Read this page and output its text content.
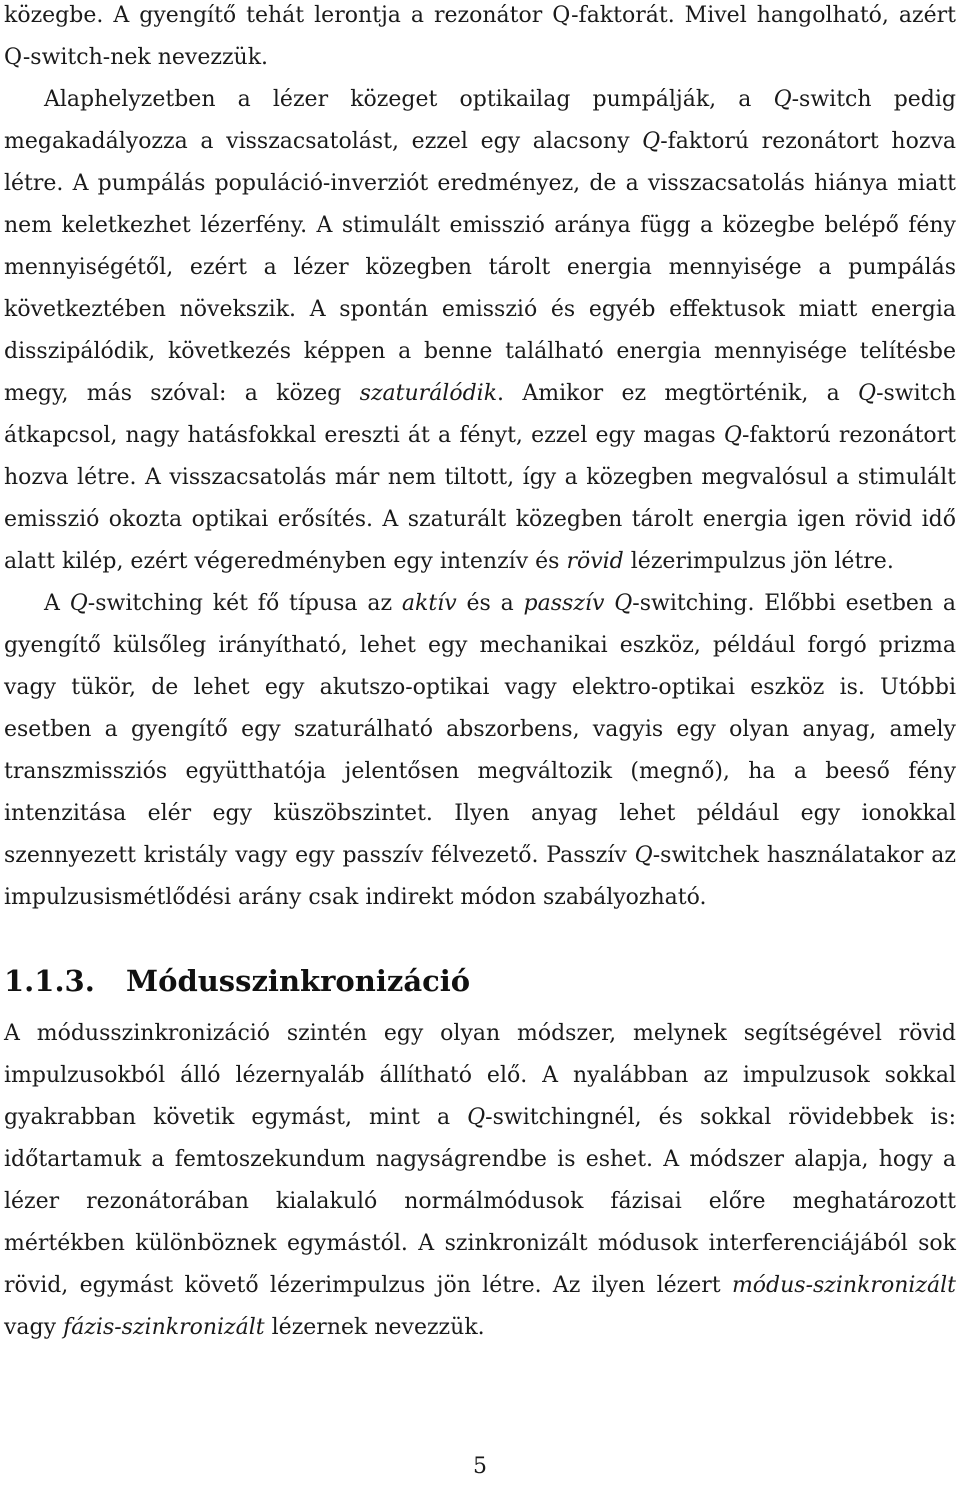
közegbe. A gyengítő tehát lerontja a rezonátor Q-faktorát. Mivel hangolható, azért Q-switch-nek nevezzük.

Alaphelyzetben a lézer közeget optikailag pumpálják, a Q-switch pedig megakadályozza a visszacsatolást, ezzel egy alacsony Q-faktorú rezonátort hozva létre. A pumpálás populáció-inverziót eredményez, de a visszacsatolás hiánya miatt nem keletkezhet lézerfény. A stimulált emisszió aránya függ a közegbe belépő fény mennyiségétől, ezért a lézer közegben tárolt energia mennyisége a pumpálás következtében növekszik. A spontán emisszió és egyéb effektusok miatt energia disszipálódik, következés képpen a benne található energia mennyisége telítésbe megy, más szóval: a közeg szaturálódik. Amikor ez megtörténik, a Q-switch átkapcsol, nagy hatásfokkal ereszti át a fényt, ezzel egy magas Q-faktorú rezonátort hozva létre. A visszacsatolás már nem tiltott, így a közegben megvalósul a stimulált emisszió okozta optikai erősítés. A szaturált közegben tárolt energia igen rövid idő alatt kilép, ezért végeredményben egy intenzív és rövid lézerimpulzus jön létre.

A Q-switching két fő típusa az aktív és a passzív Q-switching. Előbbi esetben a gyengítő külsőleg irányítható, lehet egy mechanikai eszköz, például forgó prizma vagy tükör, de lehet egy akutszo-optikai vagy elektro-optikai eszköz is. Utóbbi esetben a gyengítő egy szaturálható abszorbens, vagyis egy olyan anyag, amely transzmissziós együtthatója jelentősen megváltozik (megnő), ha a beeső fény intenzitása elér egy küszöbszintet. Ilyen anyag lehet például egy ionokkal szennyezett kristály vagy egy passzív félvezető. Passzív Q-switchek használatakor az impulzusismétlődési arány csak indirekt módon szabályozható.

1.1.3.	Módusszinkronizáció

A módusszinkronizáció szintén egy olyan módszer, melynek segítségével rövid impulzusokból álló lézernyaláb állítható elő. A nyalábban az impulzusok sokkal gyakrabban követik egymást, mint a Q-switchingnél, és sokkal rövidebbek is: időtartamuk a femtoszekundum nagyságrendbe is eshet. A módszer alapja, hogy a lézer rezonátorában kialakuló normálmódusok fázisai előre meghatározott mértékben különböznek egymástól. A szinkronizált módusok interferenciájából sok rövid, egymást követő lézerimpulzus jön létre. Az ilyen lézert módus-szinkronizált vagy fázis-szinkronizált lézernek nevezzük.

5
